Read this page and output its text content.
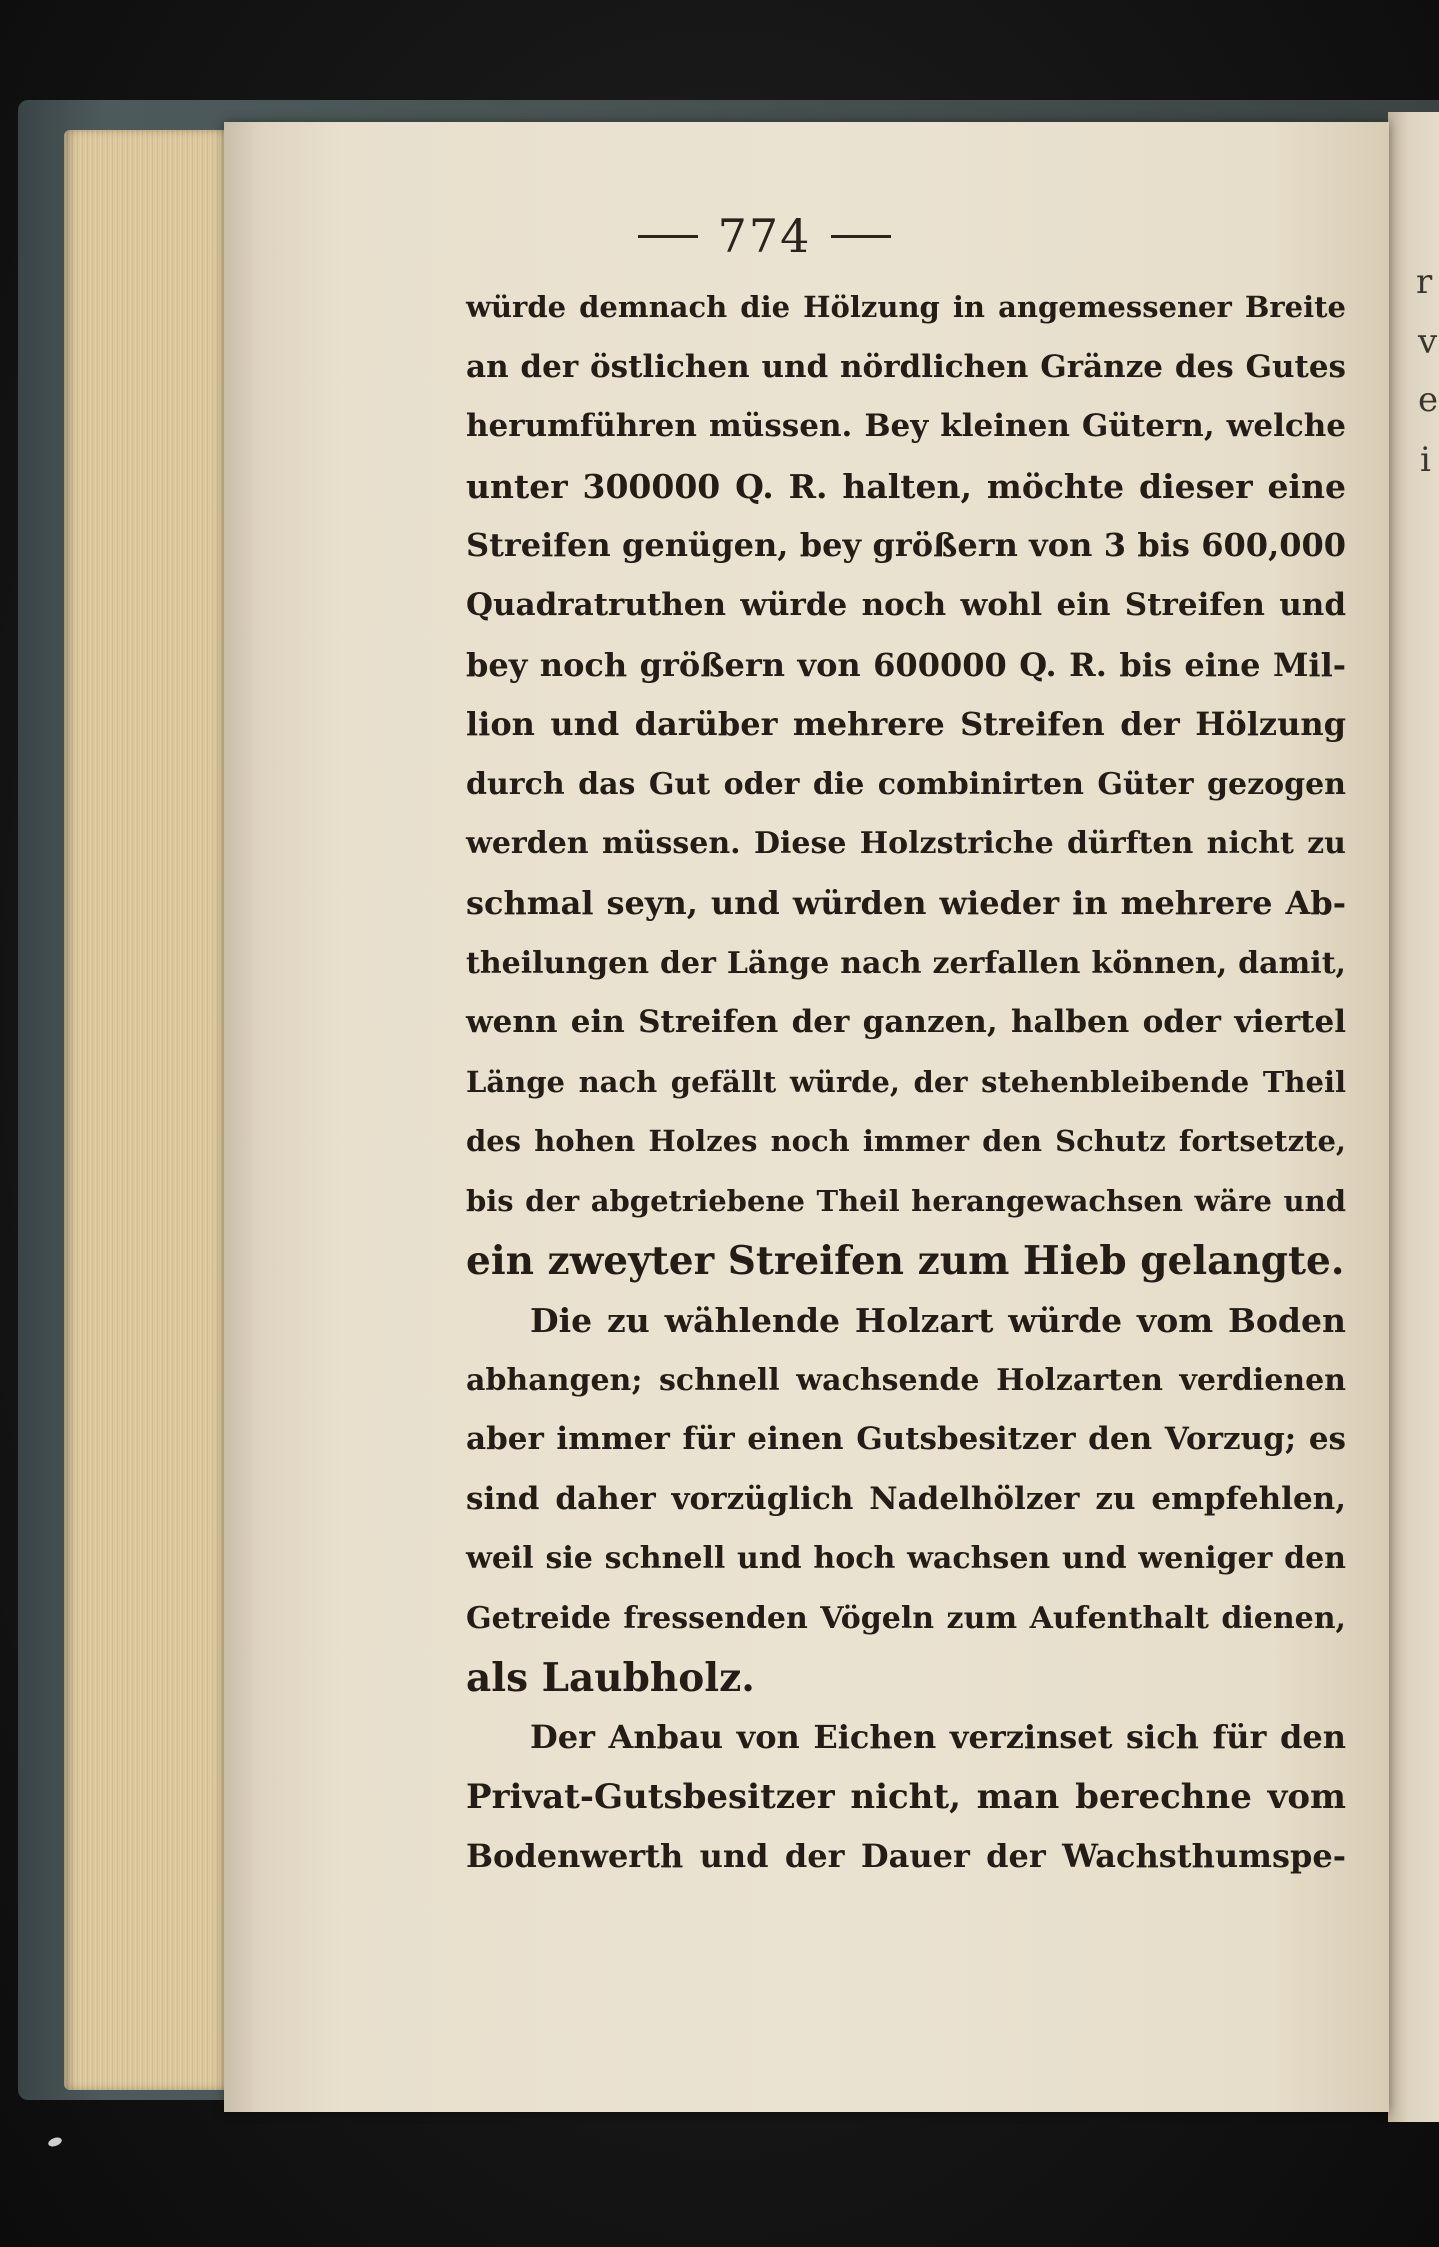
r
v
e
i
774
würde demnach die Hölzung in angemessener Breite
an der östlichen und nördlichen Gränze des Gutes
herumführen müssen. Bey kleinen Gütern, welche
unter 300000 Q. R. halten, möchte dieser eine
Streifen genügen, bey größern von 3 bis 600,000
Quadratruthen würde noch wohl ein Streifen und
bey noch größern von 600000 Q. R. bis eine Mil-
lion und darüber mehrere Streifen der Hölzung
durch das Gut oder die combinirten Güter gezogen
werden müssen. Diese Holzstriche dürften nicht zu
schmal seyn, und würden wieder in mehrere Ab-
theilungen der Länge nach zerfallen können, damit,
wenn ein Streifen der ganzen, halben oder viertel
Länge nach gefällt würde, der stehenbleibende Theil
des hohen Holzes noch immer den Schutz fortsetzte,
bis der abgetriebene Theil herangewachsen wäre und
ein zweyter Streifen zum Hieb gelangte.
Die zu wählende Holzart würde vom Boden
abhangen; schnell wachsende Holzarten verdienen
aber immer für einen Gutsbesitzer den Vorzug; es
sind daher vorzüglich Nadelhölzer zu empfehlen,
weil sie schnell und hoch wachsen und weniger den
Getreide fressenden Vögeln zum Aufenthalt dienen,
als Laubholz.
Der Anbau von Eichen verzinset sich für den
Privat-Gutsbesitzer nicht, man berechne vom
Bodenwerth und der Dauer der Wachsthumspe-
